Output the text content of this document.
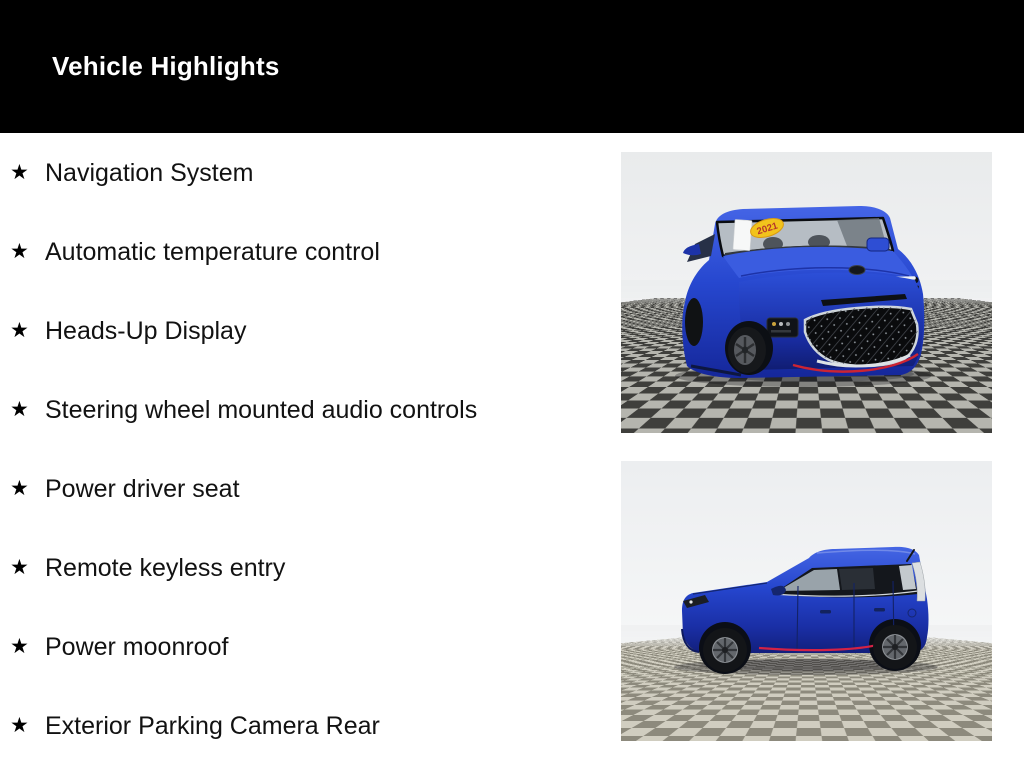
Vehicle Highlights
★ Navigation System
★ Automatic temperature control
★ Heads-Up Display
★ Steering wheel mounted audio controls
★ Power driver seat
★ Remote keyless entry
★ Power moonroof
★ Exterior Parking Camera Rear
2021
